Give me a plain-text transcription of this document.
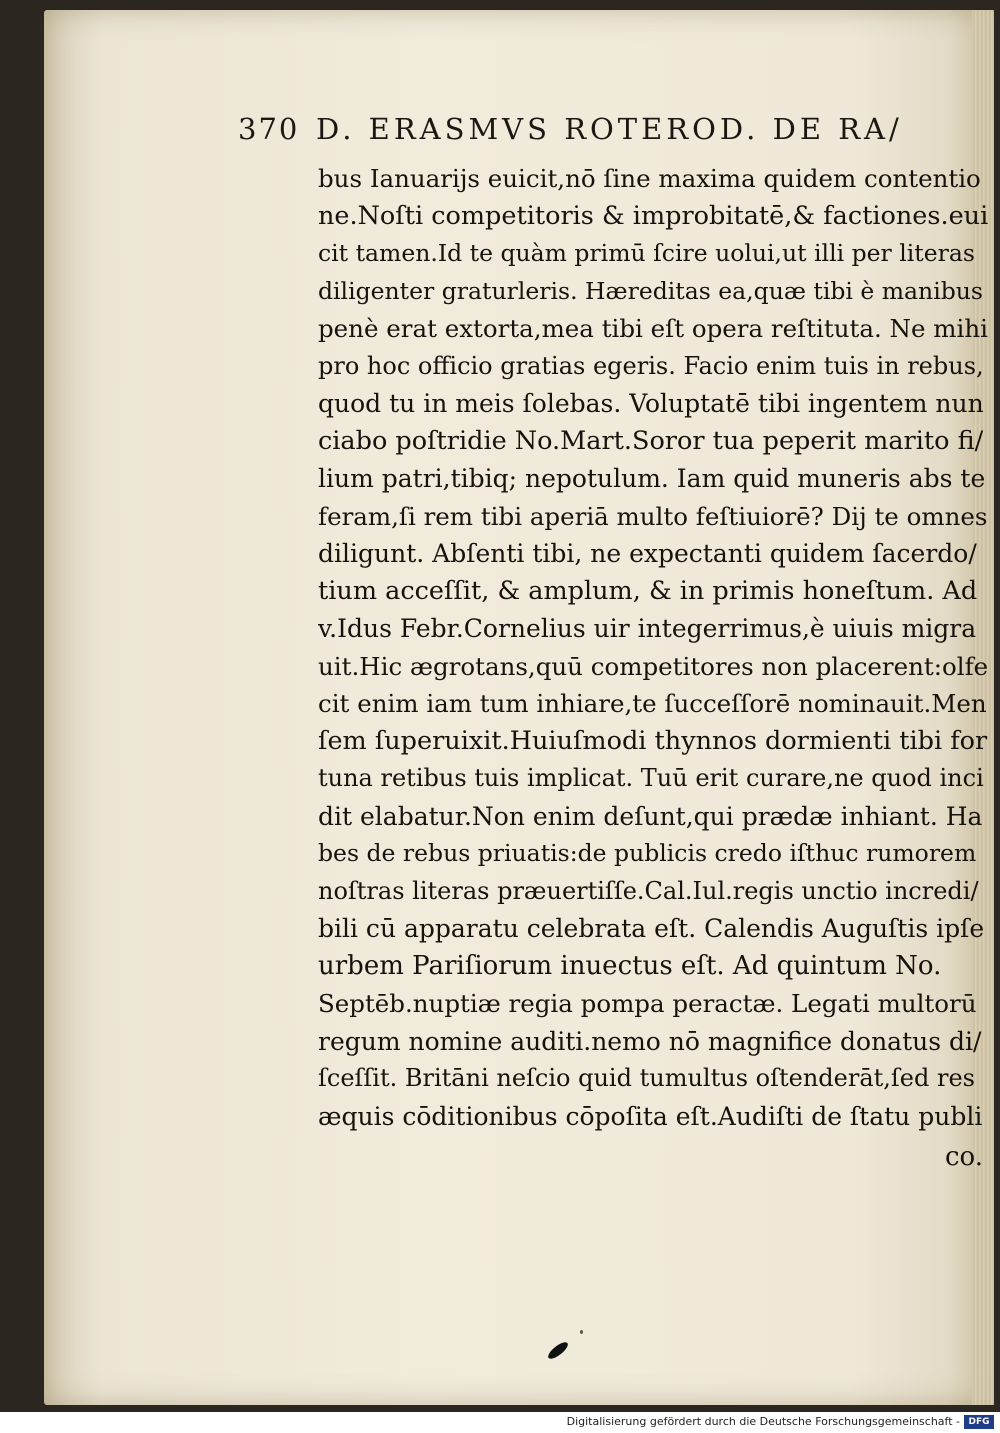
370 D. ERASMVS ROTEROD. DE RA/
bus Ianuarijs euicit,nō ſine maxima quidem contentio
ne.Noſti competitoris & improbitatē,& factiones.eui
cit tamen.Id te quàm primū ſcire uolui,ut illi per literas
diligenter graturleris. Hæreditas ea,quæ tibi è manibus
penè erat extorta,mea tibi eſt opera reſtituta. Ne mihi
pro hoc officio gratias egeris. Facio enim tuis in rebus,
quod tu in meis ſolebas. Voluptatē tibi ingentem nun
ciabo poſtridie No.Mart.Soror tua peperit marito fi/
lium patri,tibiq; nepotulum. Iam quid muneris abs te
feram,ſi rem tibi aperiā multo feſtiuiorē? Dij te omnes
diligunt. Abſenti tibi, ne expectanti quidem ſacerdo/
tium acceſſit, & amplum, & in primis honeſtum. Ad
v.Idus Febr.Cornelius uir integerrimus,è uiuis migra
uit.Hic ægrotans,quū competitores non placerent:olfe
cit enim iam tum inhiare,te ſucceſſorē nominauit.Men
ſem ſuperuixit.Huiuſmodi thynnos dormienti tibi for
tuna retibus tuis implicat. Tuū erit curare,ne quod inci
dit elabatur.Non enim deſunt,qui prædæ inhiant. Ha
bes de rebus priuatis:de publicis credo iſthuc rumorem
noſtras literas præuertiſſe.Cal.Iul.regis unctio incredi/
bili cū apparatu celebrata eſt. Calendis Auguſtis ipſe
urbem Pariſiorum inuectus eſt. Ad quintum No.
Septēb.nuptiæ regia pompa peractæ. Legati multorū
regum nomine auditi.nemo nō magnifice donatus di/
ſceſſit. Britāni neſcio quid tumultus oſtenderāt,ſed res
æquis cōditionibus cōpoſita eſt.Audiſti de ſtatu publi
co.
Digitalisierung gefördert durch die Deutsche Forschungsgemeinschaft - DFG
